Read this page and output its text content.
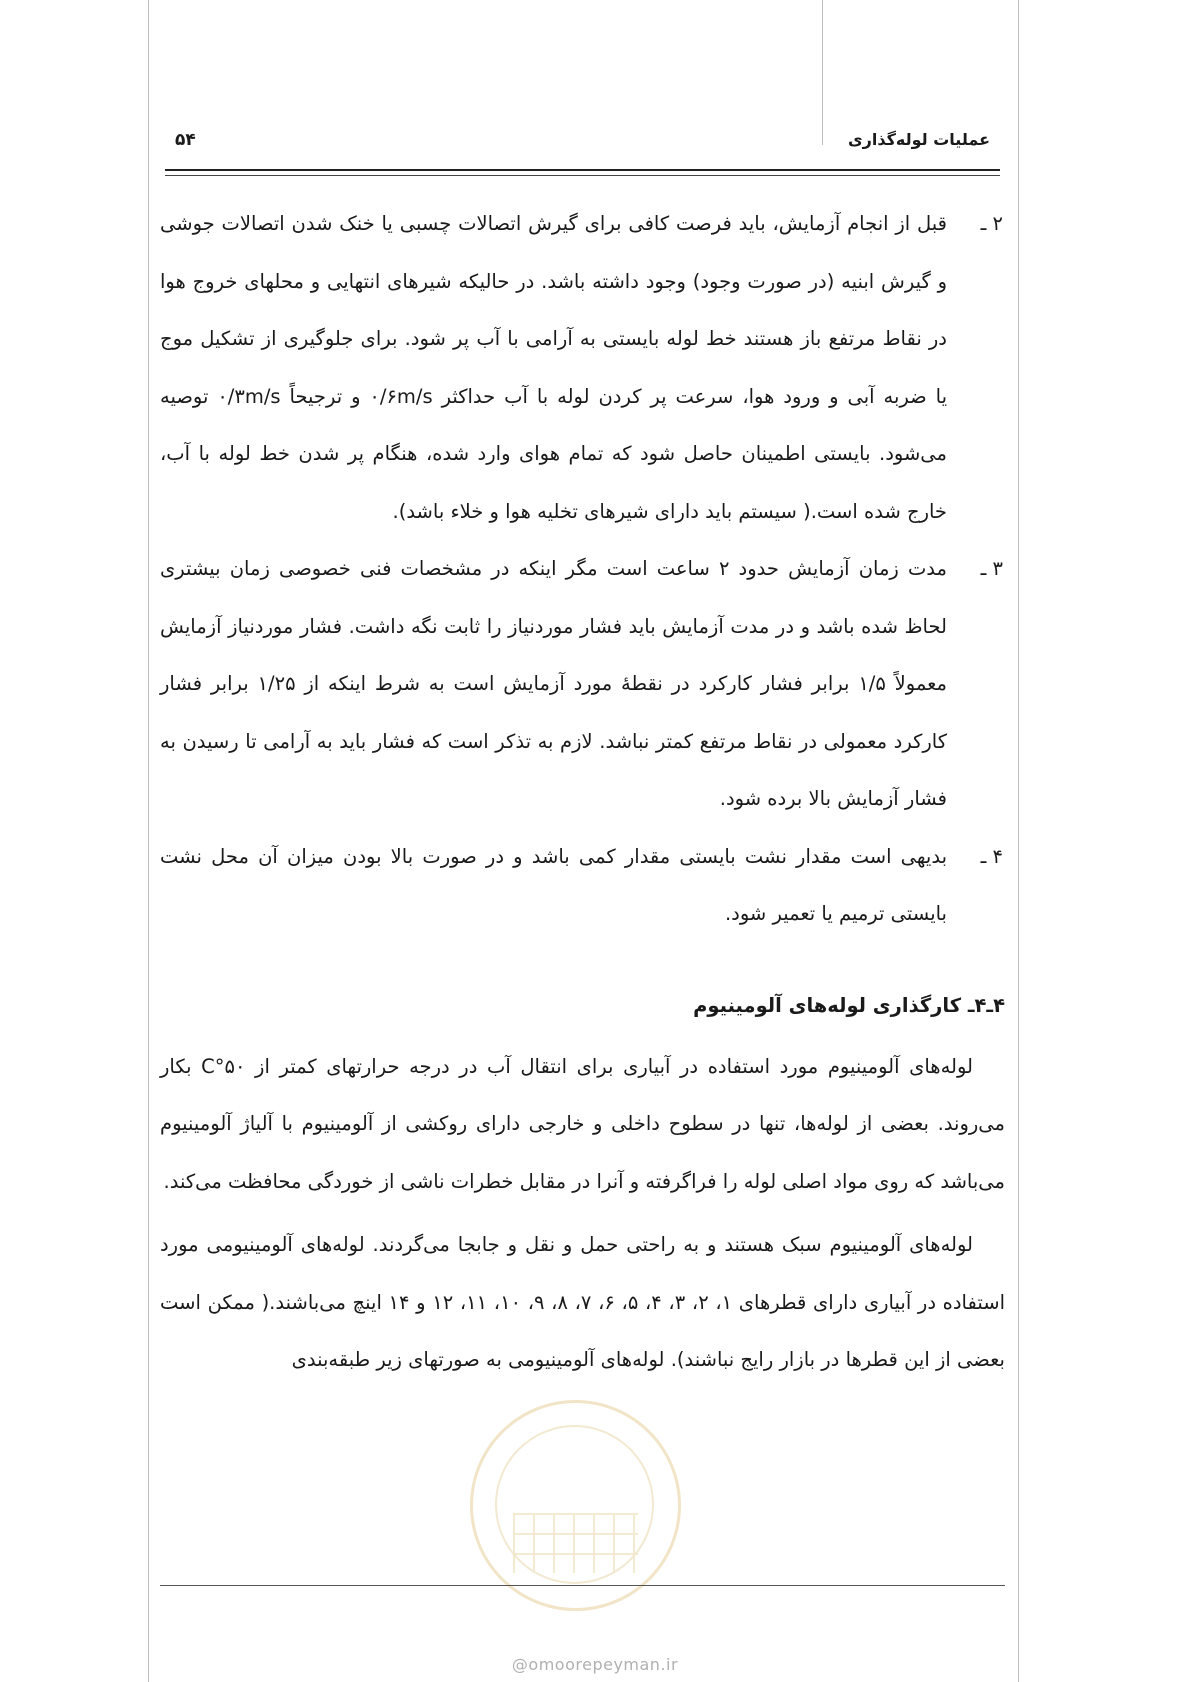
۵۴	عملیات لوله‌گذاری
۲ ـ
قبل از انجام آزمایش، باید فرصت کافی برای گیرش اتصالات چسبی یا خنک شدن اتصالات جوشی و گیرش ابنیه (در صورت وجود) وجود داشته باشد. در حالیکه شیرهای انتهایی و محلهای خروج هوا در نقاط مرتفع باز هستند خط لوله بایستی به آرامی با آب پر شود. برای جلوگیری از تشکیل موج یا ضربه آبی و ورود هوا، سرعت پر کردن لوله با آب حداکثر ۰/۶m/s و ترجیحاً ۰/۳m/s توصیه می‌شود. بایستی اطمینان حاصل شود که تمام هوای وارد شده، هنگام پر شدن خط لوله با آب، خارج شده است.( سیستم باید دارای شیرهای تخلیه هوا و خلاء باشد).
۳ ـ
مدت زمان آزمایش حدود ۲ ساعت است مگر اینکه در مشخصات فنی خصوصی زمان بیشتری لحاظ شده باشد و در مدت آزمایش باید فشار موردنیاز را ثابت نگه داشت. فشار موردنیاز آزمایش معمولاً ۱/۵ برابر فشار کارکرد در نقطهٔ مورد آزمایش است به شرط اینکه از ۱/۲۵ برابر فشار کارکرد معمولی در نقاط مرتفع کمتر نباشد. لازم به تذکر است که فشار باید به آرامی تا رسیدن به فشار آزمایش بالا برده شود.
۴ ـ
بدیهی است مقدار نشت بایستی مقدار کمی باشد و در صورت بالا بودن میزان آن محل نشت بایستی ترمیم یا تعمیر شود.
۴ـ۴ـ کارگذاری لوله‌های آلومینیوم
لوله‌های آلومینیوم مورد استفاده در آبیاری برای انتقال آب در درجه حرارتهای کمتر از ۵۰°C بکار می‌روند. بعضی از لوله‌ها، تنها در سطوح داخلی و خارجی دارای روکشی از آلومینیوم با آلیاژ آلومینیوم می‌باشد که روی مواد اصلی لوله را فراگرفته و آنرا در مقابل خطرات ناشی از خوردگی محافظت می‌کند.
لوله‌های آلومینیوم سبک هستند و به راحتی حمل و نقل و جابجا می‌گردند. لوله‌های آلومینیومی مورد استفاده در آبیاری دارای قطرهای ۱، ۲، ۳، ۴، ۵، ۶، ۷، ۸، ۹، ۱۰، ۱۱، ۱۲ و ۱۴ اینچ می‌باشند.( ممکن است بعضی از این قطرها در بازار رایج نباشند). لوله‌های آلومینیومی به صورتهای زیر طبقه‌بندی
@omoorepeyman.ir
